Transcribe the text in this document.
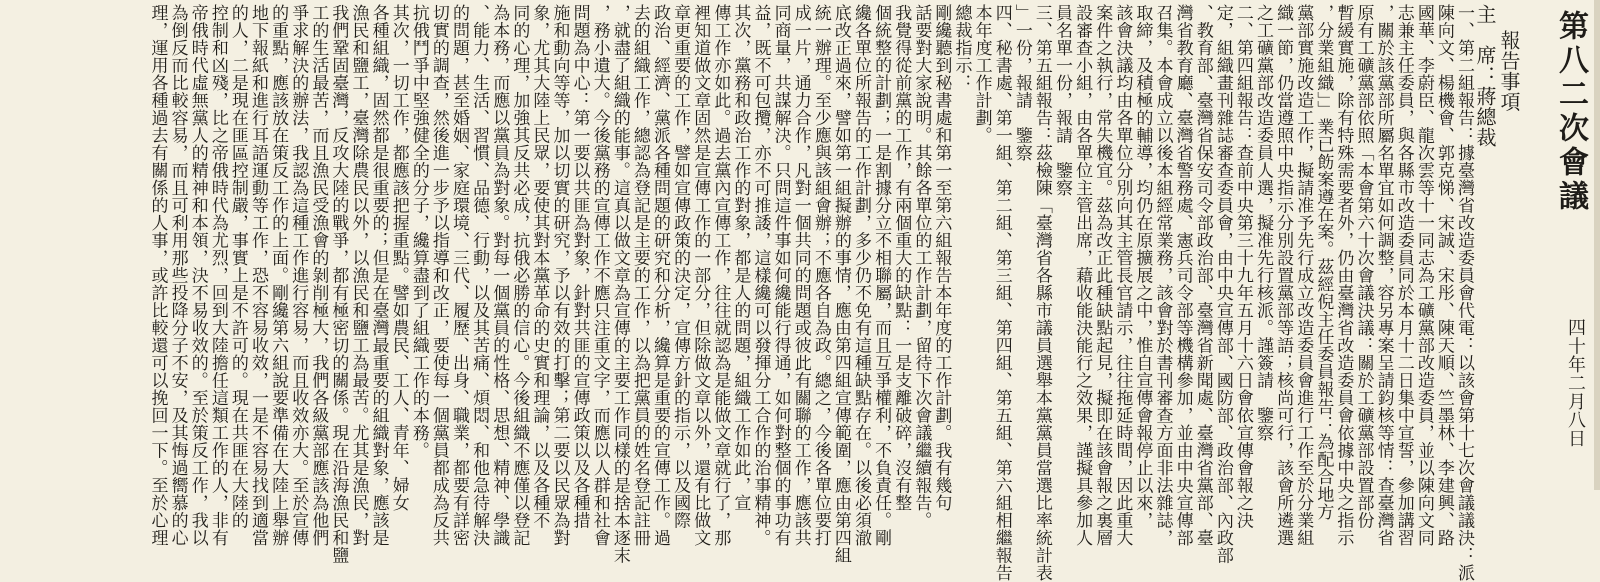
第八二次會議
四十年二月八日
主　席：蔣總裁 報告事項
一、第二組報告：據臺灣省改造委員會代電：以該會第十七次會議議決：派
陳向文、楊機會、郭克悌、宋誠、宋彤、陳天順、竺墨林、李建興、路
國華、李蔚臣、龍次雲等十一同志為工礦黨部改造委員，並以陳向文同
志兼主任委員，與各縣市改造委員同於本月十二日集中宣誓，參加講習
，關於該黨部所屬名單宜如何調整，容另專案呈請鈞核等情：查臺灣省
原有工礦黨部依照「本會第六十次會議決議：關於工礦黨部設置部份
暫緩實施，除有特殊需要者外，仍由臺灣省改造委員會依據中央之指示
，分業組織」」業已飭案遵在案。茲經倪主任委員報告：為配合地方
黨部實施改造工作，擬請准予先行成立改造委員會進行工作至於分業組
織一節，仍當遵照中央指示分別設置黨部等語；核尚可行，該會所遴選
之工礦黨部改造委員人選，擬准先行核派。謹簽請　鑒察
二、第四組報告：查前中央第三十九年五月十六日會依宣傳會報之決
定，組織畫刊雜誌審查委員會，由中央宣傳部、國防部、政治部、內政部
、教育部、臺灣省保安司令部政治部、臺灣省新聞處、臺灣省黨部、臺
灣省教育廳、臺灣省警務處、憲兵司令部等機構參加，並由中央宣傳部
召集。本會成立以後本組經常業務，該會對於書刊審查方面非法雜誌，
取締，及積極的輔導，均仍在原擴展之中，惟自宣傳會報停止以來，
該會決議均由各單位分別向其主管長官請示，往往拖延時間，因此重大
案件之執行，常失機宜。茲為改正此種缺點起見，擬即在該會報之裏層
設審查小組，由各單位主管出席，藉收能決能行之效果，謹擬具參加人
員名單一份，報請　鑒察
三、第五組報告：茲檢陳「臺灣省各縣市議員選舉本黨黨員當選比率統計表
」一份，報請　鑒察
四、秘書處、第一組、第二組、第三組、第四組、第五組、第六組相繼報告
本年度工作計劃。
總裁指示：
剛纔聽到秘書處和第一至第六組報告本年度的工作計劃。我有幾句
話要對大家說明。其餘各單位的工作計劃，留待下次會議繼續報告。
我覺得從前黨的工作，有兩個重大的缺點：一是支離破碎，沒有整
個統整的計劃；一是割據分立不相聯屬，而且互爭權利，不負責任。剛
纔各單位所報告的工作計劃，多少仍不免有這種缺點存在。以後必須澈
底改正過來，譬如第一組擬辦的事情，應由第四組宣傳範圍，應由第四組
統一辦理。至少應與該組會辦；不應各自為政。總之，今後各單位要打
成一片，通力合作，凡對一個共同的問題或彼此有關聯的工作，應該共
同商量，共謀解決。只問這件事如何纔能行得通，如何對整個的事功有
益，既不可包攬，亦不可推諉，這樣纔可以發揮分工合作的治事精神。
其次，黨務和政治工作的對象，都是人的問題，組織工作如此，宣
傳工作亦如此。過去黨內宣傳工作，往往就認為是能做文章就行了，那
裡知道做文章固然是宣傳工作的一部分，但除做文章以外，還有比做文
章更重要的工作，譬如宣傳政策的決定，宣傳方針的指示，以及國際
政治、經濟、黨派各種問題的研究和分析，纔算是重要的宣傳工作。過
去的組織工作，總認為登記是主要的工作，以為把黨員的姓名登記註冊
，就盡了組織的能事。這真以做文章為宣傳的主要工作同樣的是捨本逐末
，務小遺大。今後黨務的宣傳工作不應只注重文字，而應以人群和社會
問題為中心：第一要以共匪為對象，針對共匪的宣傳政策以及各種措
施和動向等等，加以切實的研究，予以有效的打擊；第二要以民眾為對
象，尤其大陸上民眾，要使其對本黨革命的史實和理論，以及各種不
同的心理，加強其反共必成，抗俄必勝的信心。今後組織不應僅以登記
為本務，而應以黨員為對象。對每一個黨員的性格、思想、精神、學識
、能力、生活、習慣、品德、行動，以及其苦痛、煩悶、和他急待解決
的問題，甚至婚姻、家庭環境、三代、履歷、出身、職業，都要有詳密
切實的調查，然後進一步予以指導和改正，要使每一個黨員都成為反共
抗俄鬥爭中堅強健全的分子，纔算盡到了組織工作的本務。
其次，一切工作，都應該把握重點。譬如農民、工人、青年、婦女
各種組織，固然都是很重要的；但是在臺灣最重要的組織對象，應該是
漁民和鹽工，臺灣除農民以外，以漁民和鹽工為最苦。尤其是漁民，對
我們鞏固臺灣，反攻大陸的戰爭，都有極密切的關係。現在沿海漁民和鹽
工的生活最苦，而且漁民受漁會的剝削極大，我們各級黨部應該為他們
爭求解決的辦法，我認為這種工作進行容易，而且收效亦大。至於宣傳
的重點，應該放在策反工作的上面。剛纔第六組說要準備在大陸上舉辦
地下報紙和進行耳語運動等工作，恐不容易收效，一是不容易找到適當
的人，二是現在匪區控制嚴，事實上是不許可的。現在共匪在大陸的
控制和凶殘，比之帝俄時代為尤烈，回到大陸擔任這類工作的人，非有
帝俄時代虛無黨人的精神和本領，決不易收效的。至於策反工作，我以
為倒反而比較容易，而且可利用那些投降分子不安，及其悔過嚮慕的心
理，運用各種過去有關係的人事，或許比較還可以挽回一下。至於心理
